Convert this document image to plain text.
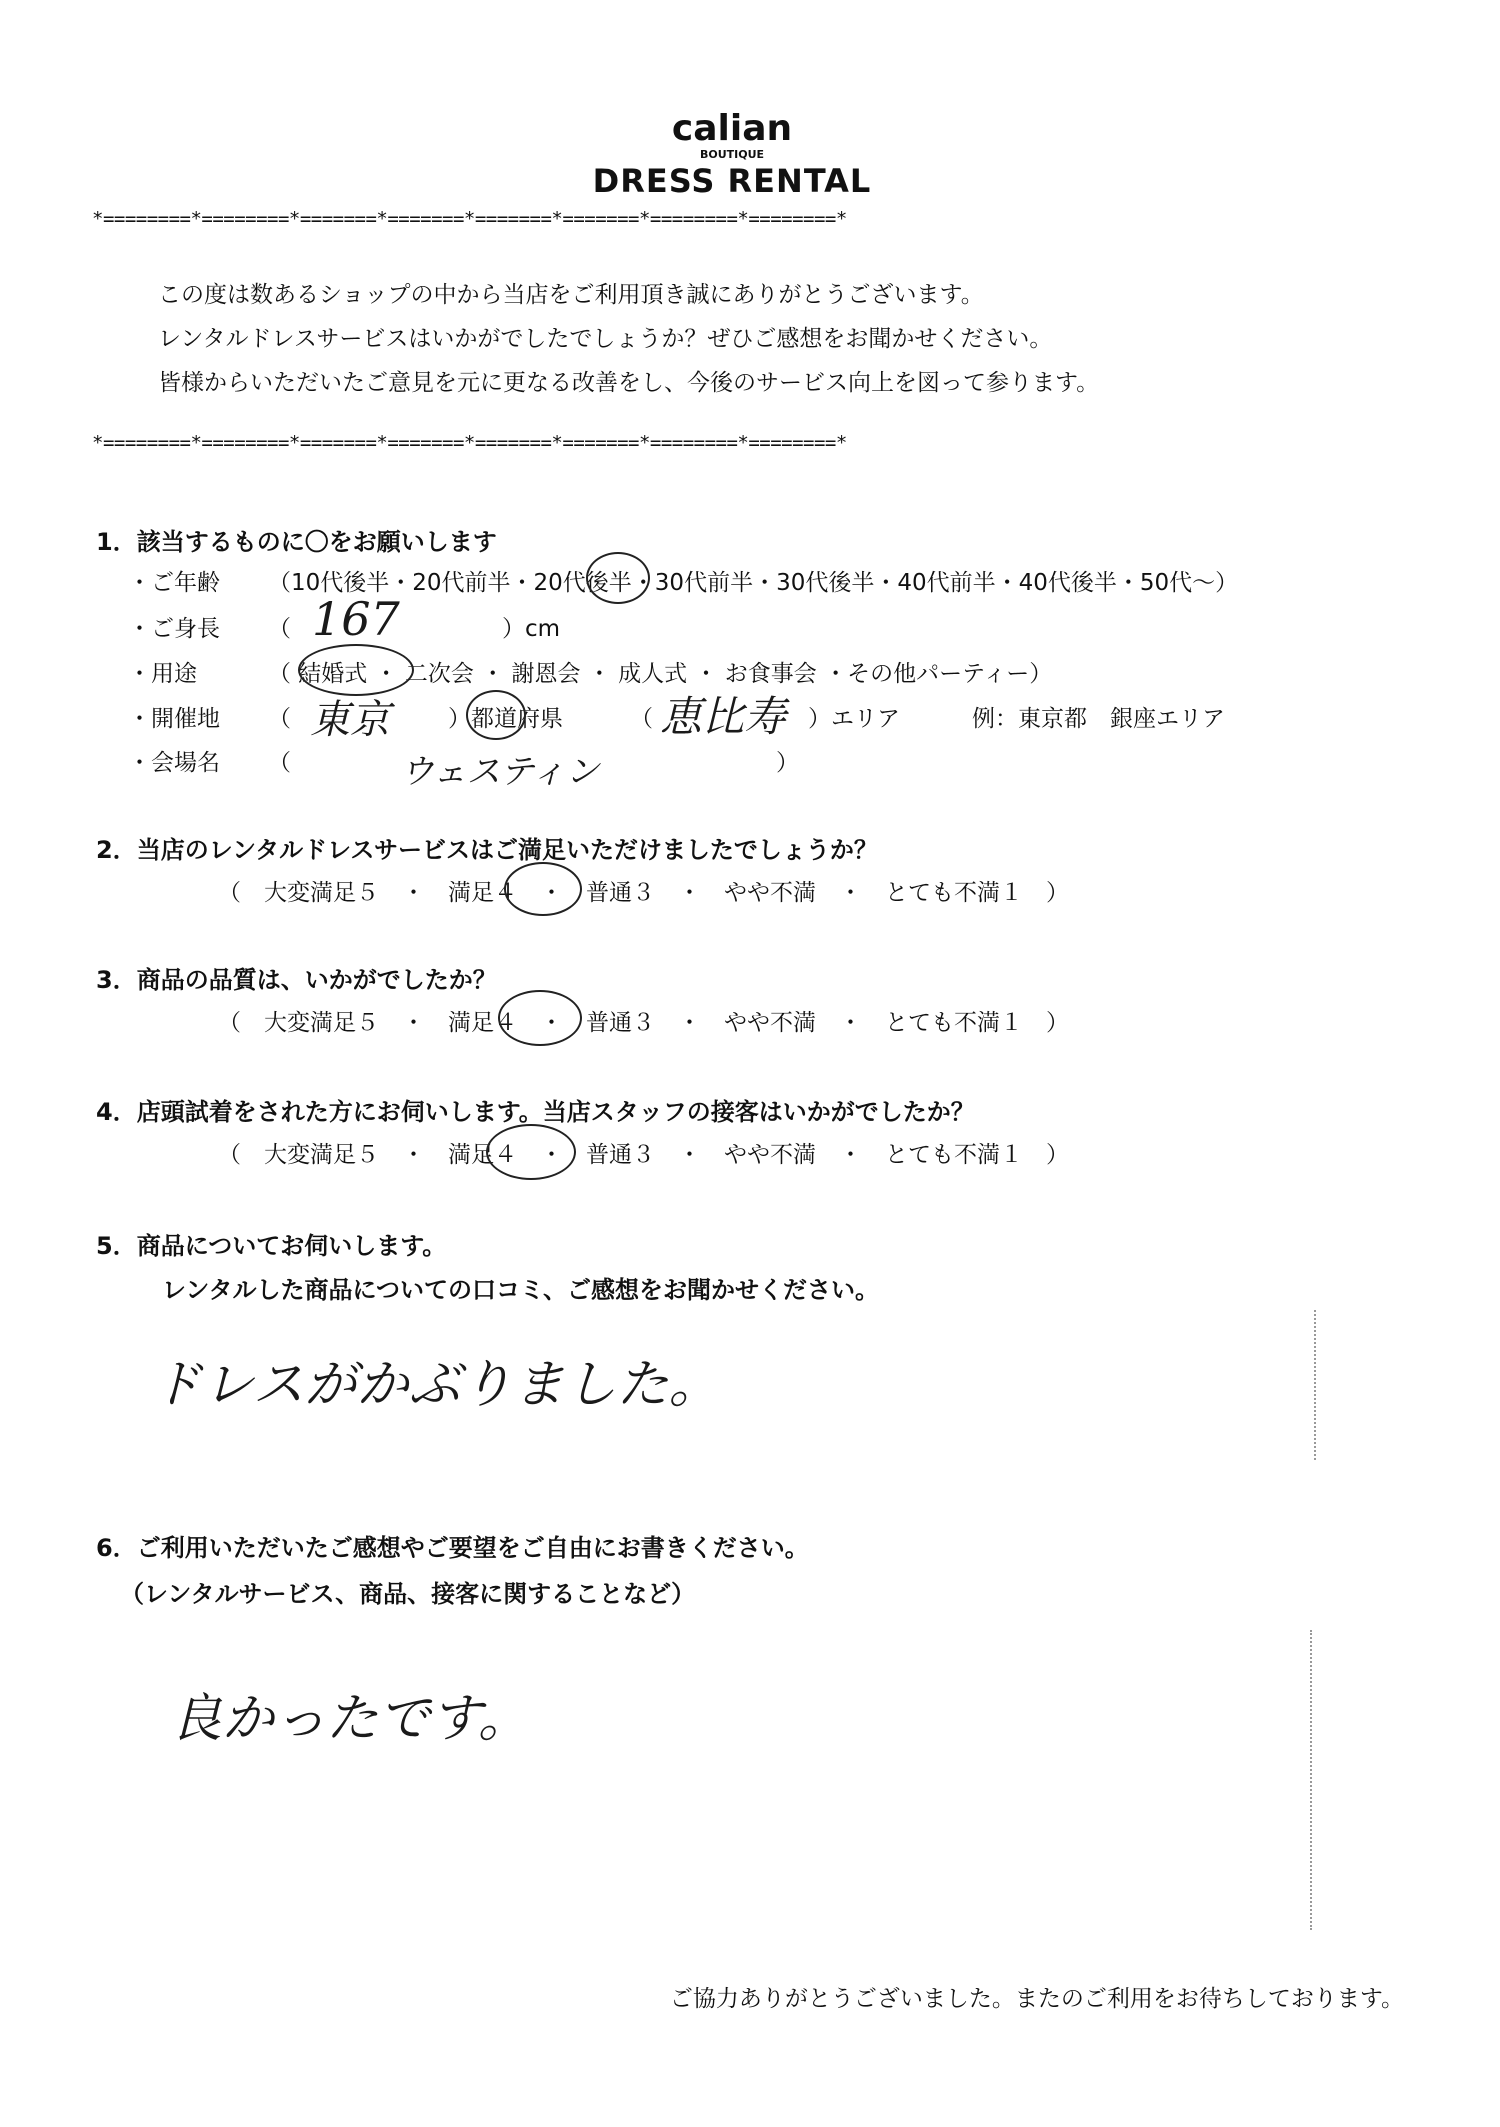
calian
BOUTIQUE
DRESS RENTAL
*========*========*=======*=======*=======*=======*========*========*
この度は数あるショップの中から当店をご利用頂き誠にありがとうございます。
レンタルドレスサービスはいかがでしたでしょうか？ぜひご感想をお聞かせください。
皆様からいただいたご意見を元に更なる改善をし、今後のサービス向上を図って参ります。
*========*========*=======*=======*=======*=======*========*========*
1．該当するものに〇をお願いします
・ご年齢 （10代後半・20代前半・20代後半・30代前半・30代後半・40代前半・40代後半・50代～）
・ご身長 （ 167	）cm
・用途	（ 結婚式 ・ 二次会 ・ 謝恩会 ・ 成人式 ・ お食事会 ・その他パーティー）
・開催地 （ 東京	）都道府県	（ 恵比寿 ）エリア	例：東京都　銀座エリア
・会場名 （	ウェスティン	）
2．当店のレンタルドレスサービスはご満足いただけましたでしょうか？
（　大変満足５　・　満足４　・　普通３　・　やや不満　・　とても不満１　）
3．商品の品質は、いかがでしたか？
（　大変満足５　・　満足４　・　普通３　・　やや不満　・　とても不満１　）
4．店頭試着をされた方にお伺いします。当店スタッフの接客はいかがでしたか？
（　大変満足５　・　満足４　・　普通３　・　やや不満　・　とても不満１　）
5．商品についてお伺いします。
レンタルした商品についての口コミ、ご感想をお聞かせください。
ドレスがかぶりました。
6．ご利用いただいたご感想やご要望をご自由にお書きください。
（レンタルサービス、商品、接客に関することなど）
良かったです。
ご協力ありがとうございました。またのご利用をお待ちしております。
